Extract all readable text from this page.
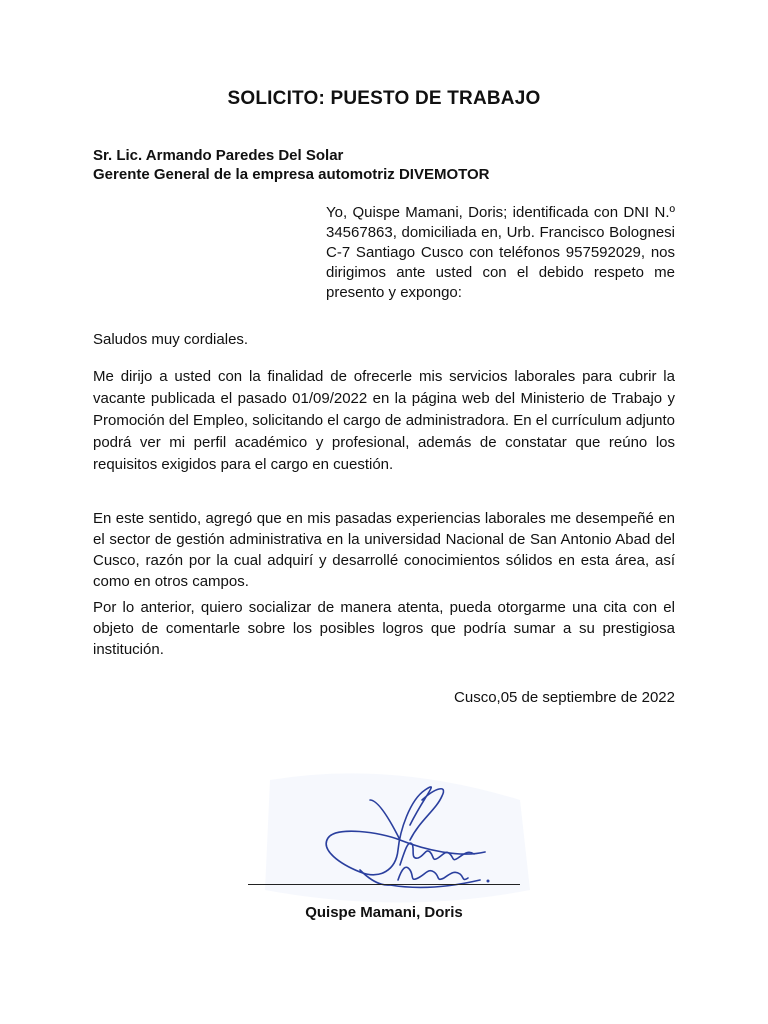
SOLICITO: PUESTO DE TRABAJO
Sr. Lic. Armando Paredes Del Solar
Gerente General de la empresa automotriz DIVEMOTOR
Yo, Quispe Mamani, Doris; identificada con DNI N.º 34567863, domiciliada en, Urb. Francisco Bolognesi C-7 Santiago Cusco con teléfonos 957592029, nos dirigimos ante usted con el debido respeto me presento y expongo:

Saludos muy cordiales.

Me dirijo a usted con la finalidad de ofrecerle mis servicios laborales para cubrir la vacante publicada el pasado 01/09/2022 en la página web del Ministerio de Trabajo y Promoción del Empleo, solicitando el cargo de administradora. En el currículum adjunto podrá ver mi perfil académico y profesional, además de constatar que reúno los requisitos exigidos para el cargo en cuestión.

En este sentido, agregó que en mis pasadas experiencias laborales me desempeñé en el sector de gestión administrativa en la universidad Nacional de San Antonio Abad del Cusco, razón por la cual adquirí y desarrollé conocimientos sólidos en esta área, así como en otros campos.

Por lo anterior, quiero socializar de manera atenta, pueda otorgarme una cita con el objeto de comentarle sobre los posibles logros que podría sumar a su prestigiosa institución.

Cusco,05 de septiembre de 2022
Quispe Mamani, Doris
